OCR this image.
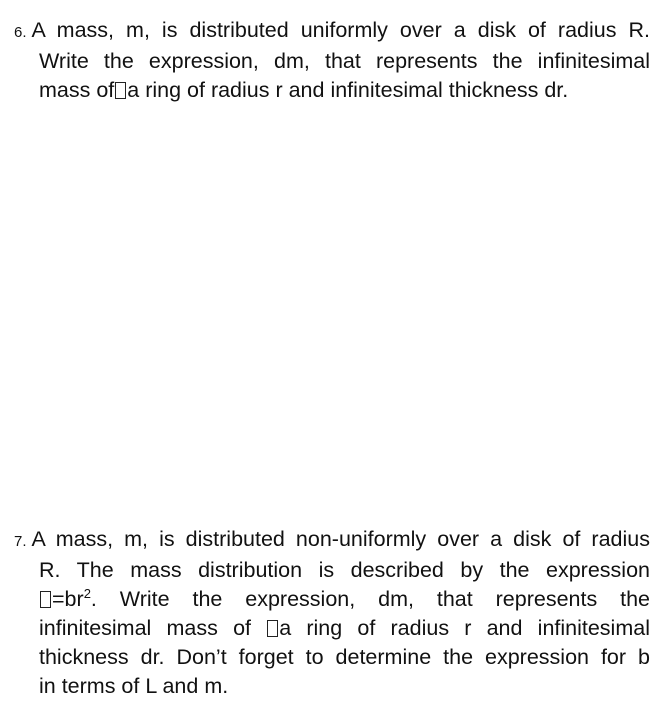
6. A mass, m, is distributed uniformly over a disk of radius R.
Write the expression, dm, that represents the infinitesimal
mass of a ring of radius r and infinitesimal thickness dr.
7. A mass, m, is distributed non-uniformly over a disk of radius
R. The mass distribution is described by the expression
$=br^2$. Write the expression, dm, that represents the
infinitesimal mass of a ring of radius r and infinitesimal
thickness dr. Don’t forget to determine the expression for b
in terms of L and m.
